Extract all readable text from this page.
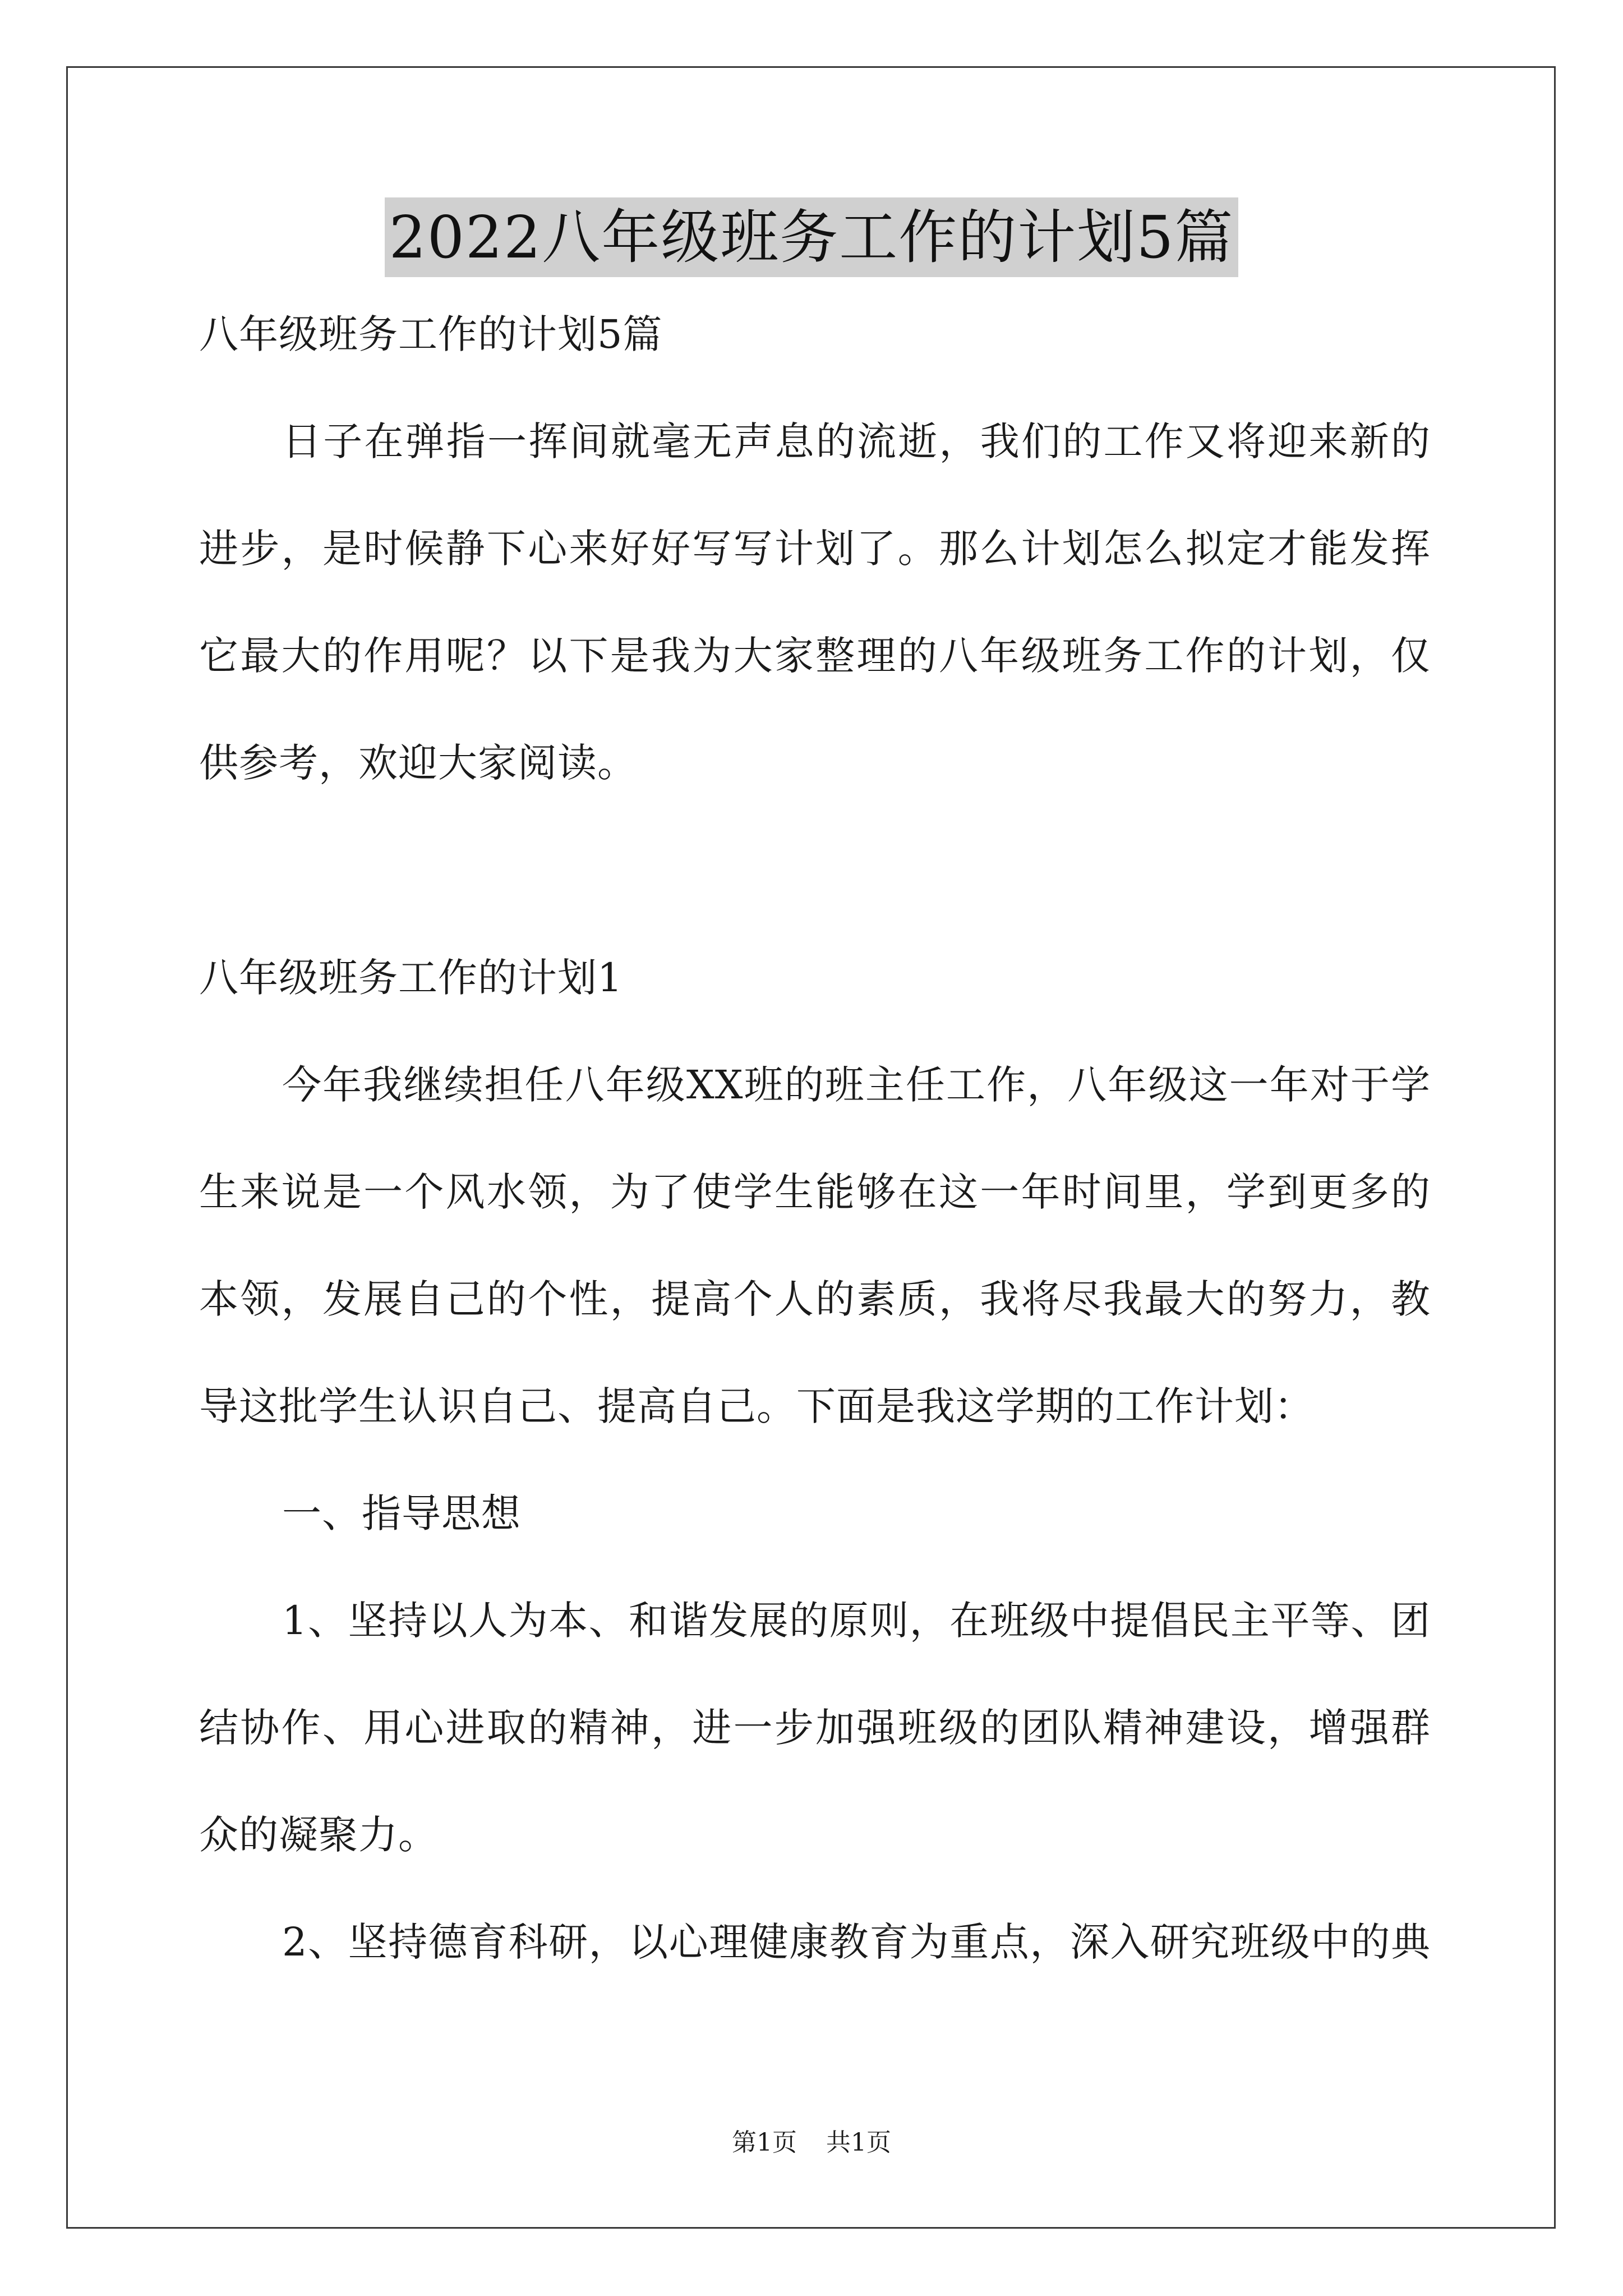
2022八年级班务工作的计划5篇
八年级班务工作的计划5篇
日子在弹指一挥间就毫无声息的流逝，我们的工作又将迎来新的
进步，是时候静下心来好好写写计划了。那么计划怎么拟定才能发挥
它最大的作用呢？以下是我为大家整理的八年级班务工作的计划，仅
供参考，欢迎大家阅读。
八年级班务工作的计划1
今年我继续担任八年级XX班的班主任工作，八年级这一年对于学
生来说是一个风水领，为了使学生能够在这一年时间里，学到更多的
本领，发展自己的个性，提高个人的素质，我将尽我最大的努力，教
导这批学生认识自己、提高自己。下面是我这学期的工作计划：
一、指导思想
1、坚持以人为本、和谐发展的原则，在班级中提倡民主平等、团
结协作、用心进取的精神，进一步加强班级的团队精神建设，增强群
众的凝聚力。
2、坚持德育科研，以心理健康教育为重点，深入研究班级中的典
第1页 共1页
